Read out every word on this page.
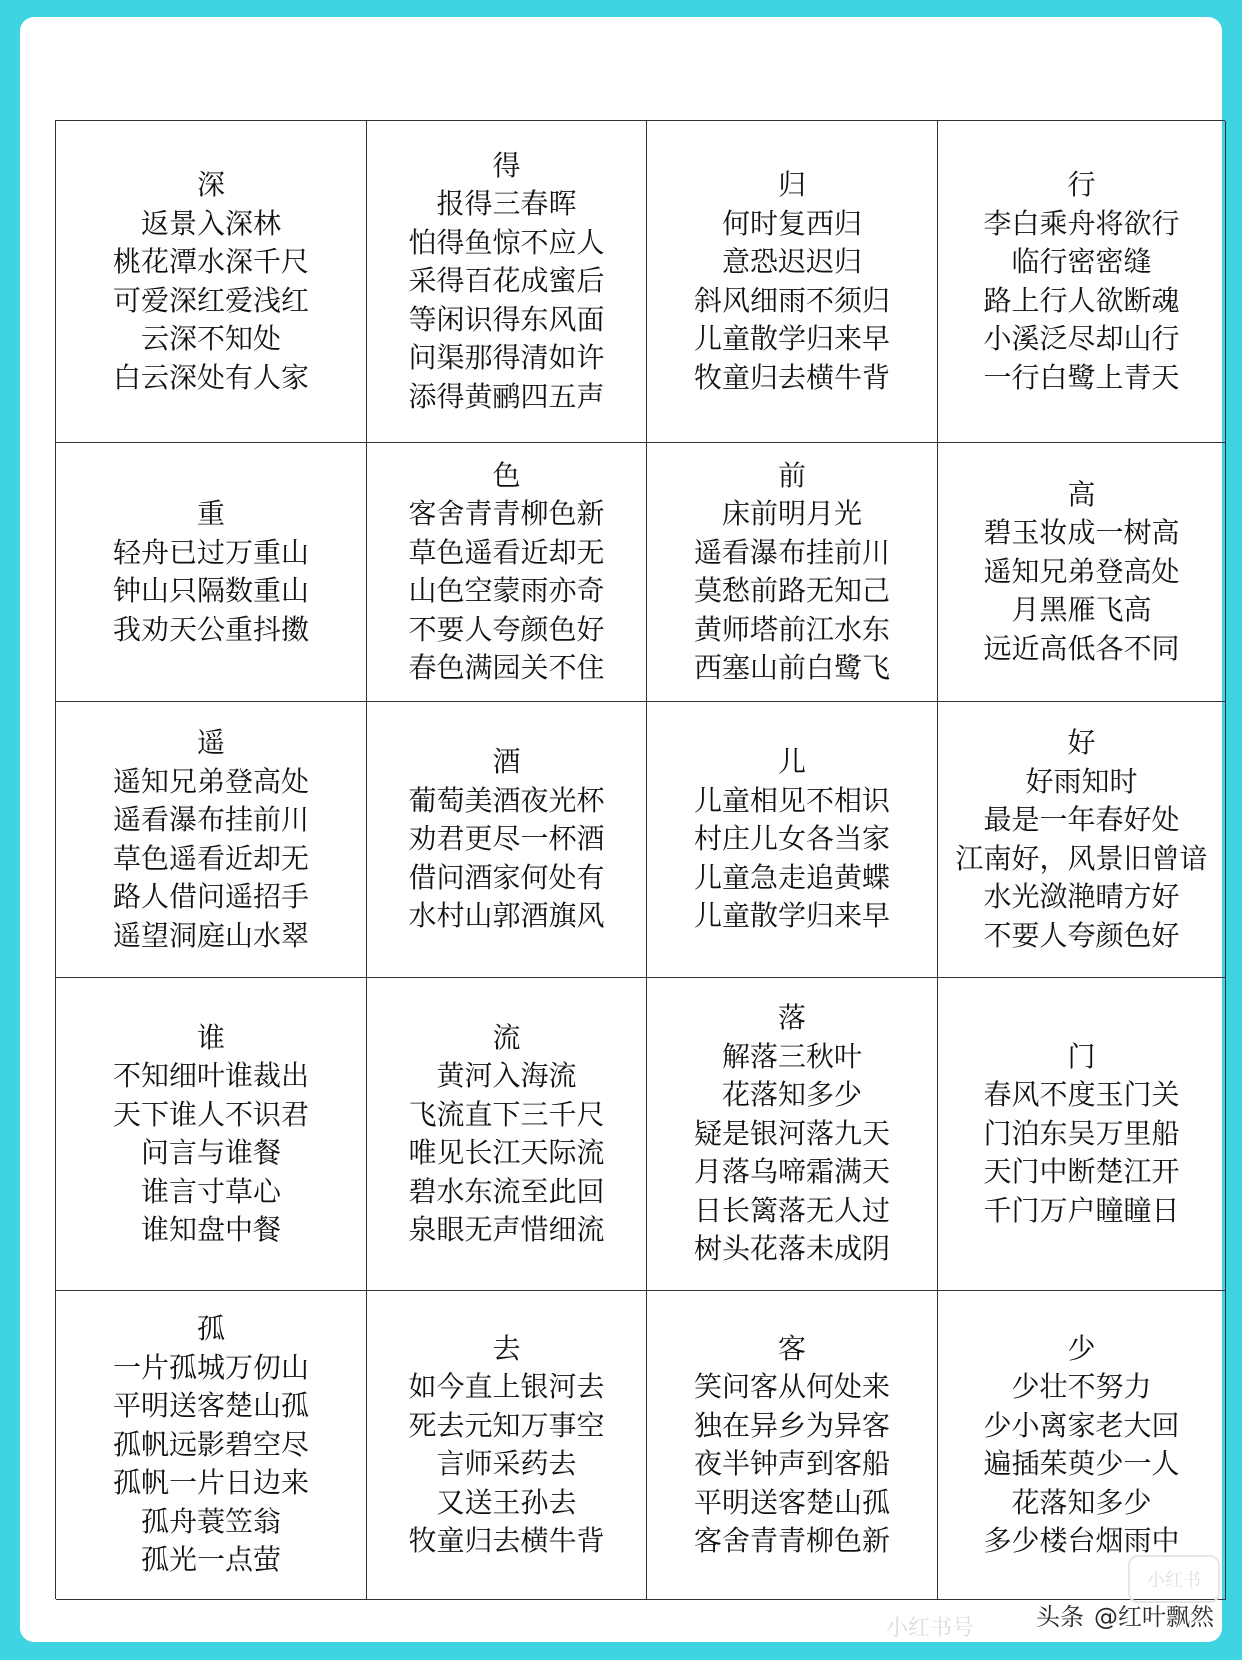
深
返景入深林
桃花潭水深千尺
可爱深红爱浅红
云深不知处
白云深处有人家
得
报得三春晖
怕得鱼惊不应人
采得百花成蜜后
等闲识得东风面
问渠那得清如许
添得黄鹂四五声
归
何时复西归
意恐迟迟归
斜风细雨不须归
儿童散学归来早
牧童归去横牛背
行
李白乘舟将欲行
临行密密缝
路上行人欲断魂
小溪泛尽却山行
一行白鹭上青天
重
轻舟已过万重山
钟山只隔数重山
我劝天公重抖擞
色
客舍青青柳色新
草色遥看近却无
山色空蒙雨亦奇
不要人夸颜色好
春色满园关不住
前
床前明月光
遥看瀑布挂前川
莫愁前路无知己
黄师塔前江水东
西塞山前白鹭飞
高
碧玉妆成一树高
遥知兄弟登高处
月黑雁飞高
远近高低各不同
遥
遥知兄弟登高处
遥看瀑布挂前川
草色遥看近却无
路人借问遥招手
遥望洞庭山水翠
酒
葡萄美酒夜光杯
劝君更尽一杯酒
借问酒家何处有
水村山郭酒旗风
儿
儿童相见不相识
村庄儿女各当家
儿童急走追黄蝶
儿童散学归来早
好
好雨知时
最是一年春好处
江南好，风景旧曾谙
水光潋滟晴方好
不要人夸颜色好
谁
不知细叶谁裁出
天下谁人不识君
问言与谁餐
谁言寸草心
谁知盘中餐
流
黄河入海流
飞流直下三千尺
唯见长江天际流
碧水东流至此回
泉眼无声惜细流
落
解落三秋叶
花落知多少
疑是银河落九天
月落乌啼霜满天
日长篱落无人过
树头花落未成阴
门
春风不度玉门关
门泊东吴万里船
天门中断楚江开
千门万户瞳瞳日
孤
一片孤城万仞山
平明送客楚山孤
孤帆远影碧空尽
孤帆一片日边来
孤舟蓑笠翁
孤光一点萤
去
如今直上银河去
死去元知万事空
言师采药去
又送王孙去
牧童归去横牛背
客
笑问客从何处来
独在异乡为异客
夜半钟声到客船
平明送客楚山孤
客舍青青柳色新
少
少壮不努力
少小离家老大回
遍插茱萸少一人
花落知多少
多少楼台烟雨中
小红书号
小红书
头条 @红叶飘然
